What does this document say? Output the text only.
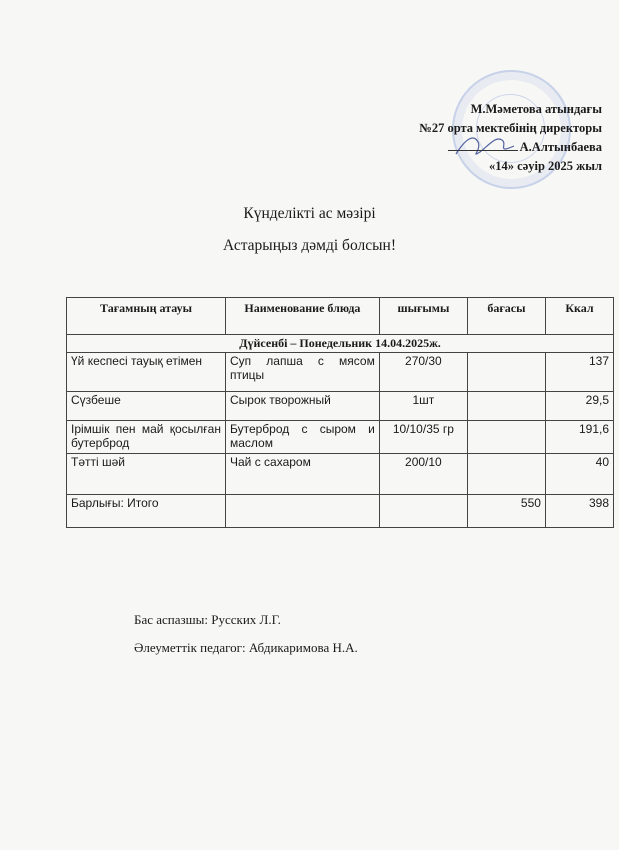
М.Мәметова атындағы
№27 орта мектебінің директоры
А.Алтынбаева
«14» сәуір 2025 жыл
Күнделікті ас мәзірі
Астарыңыз дәмді болсын!
Тағамның атауы	Наименование блюда	шығымы	бағасы	Ккал
Дүйсенбі – Понедельник 14.04.2025ж.				
Үй кеспесі тауық етімен	Суп лапша с мясом птицы	270/30		137
Сүзбеше	Сырок творожный	1шт		29,5
Ірімшік пен май қосылған бутерброд	Бутерброд с сыром и маслом	10/10/35 гр		191,6
Тәтті шәй	Чай с сахаром	200/10		40
Барлығы: Итого			550	398
Бас аспазшы: Русских Л.Г.
Әлеуметтік педагог: Абдикаримова Н.А.
